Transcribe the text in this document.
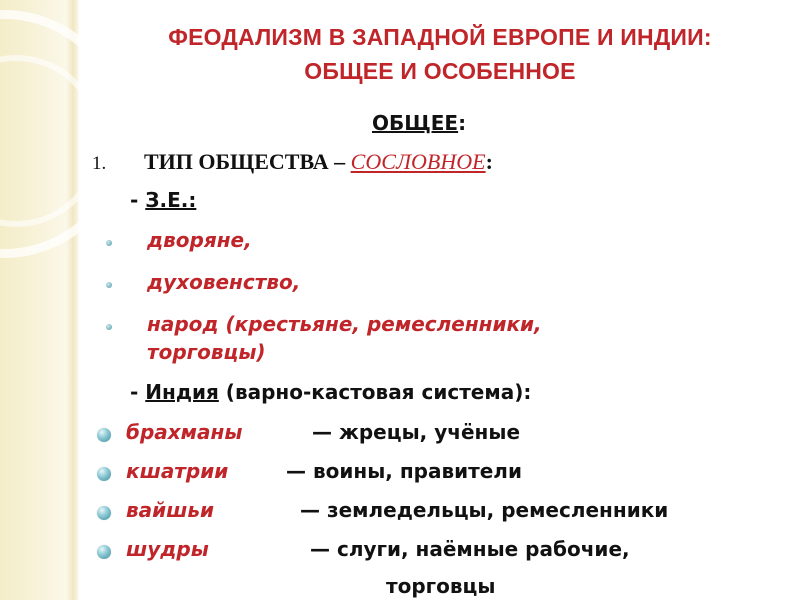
ФЕОДАЛИЗМ В ЗАПАДНОЙ ЕВРОПЕ И ИНДИИ:
ОБЩЕЕ И ОСОБЕННОЕ
ОБЩЕЕ:
1. ТИП ОБЩЕСТВА – СОСЛОВНОЕ:
- З.Е.:
дворяне,
духовенство,
народ (крестьяне, ремесленники,
торговцы)
- Индия (варно-кастовая система):
брахманы	— жрецы, учёные
кшатрии	— воины, правители
вайшьи	— земледельцы, ремесленники
шудры	— слуги, наёмные рабочие,
торговцы
